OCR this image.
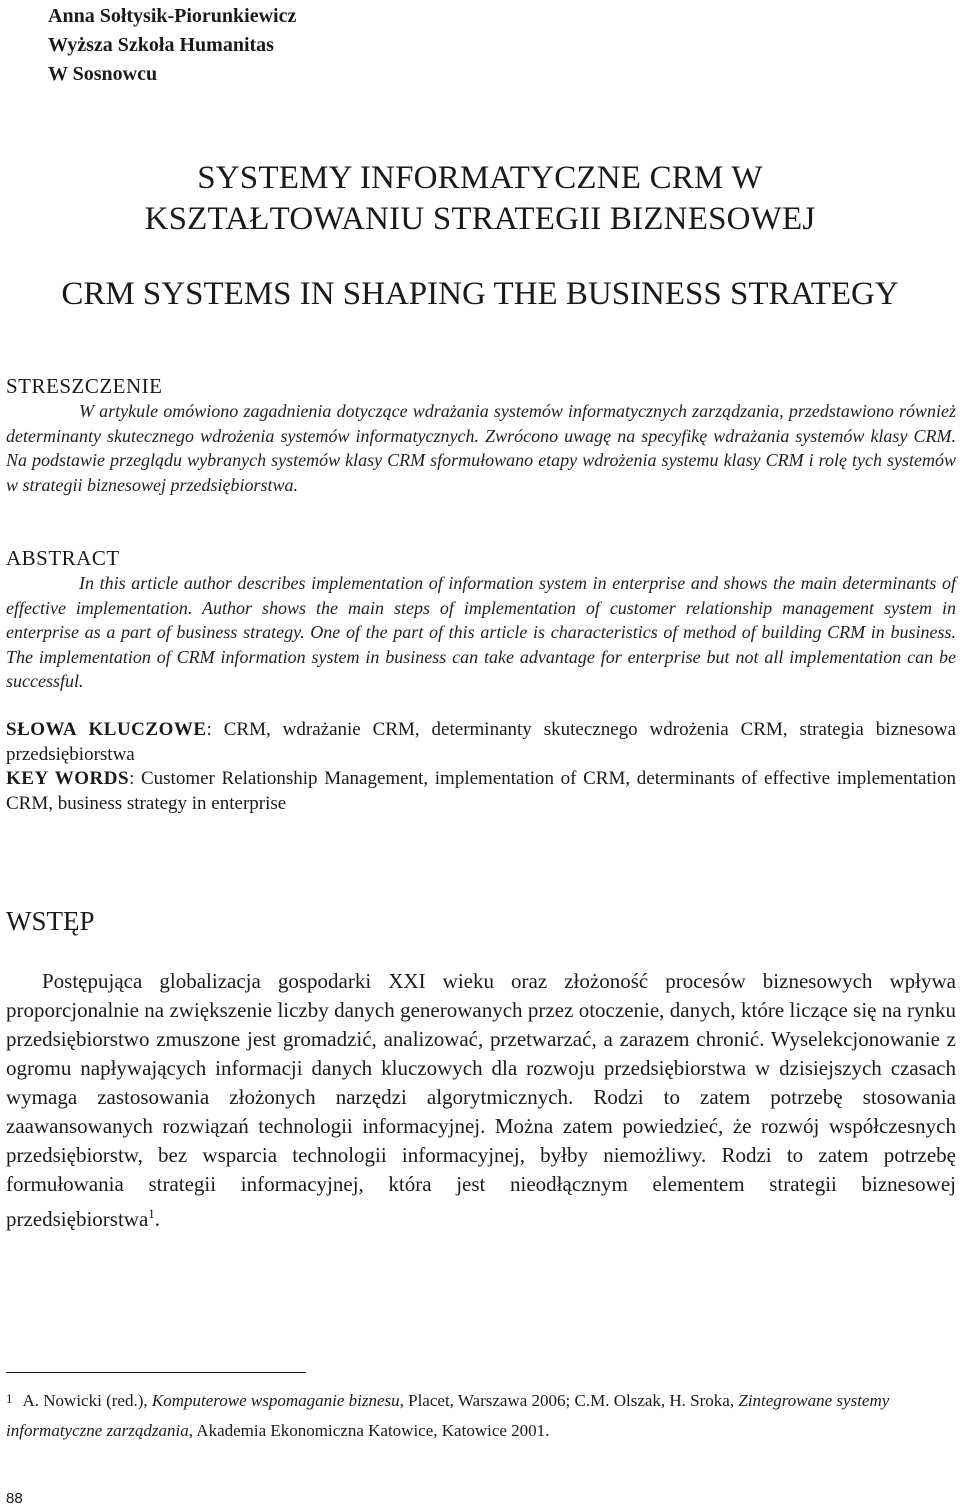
Anna Sołtysik-Piorunkiewicz
Wyższa Szkoła Humanitas
W Sosnowcu
SYSTEMY INFORMATYCZNE CRM W
KSZTAŁTOWANIU STRATEGII BIZNESOWEJ
CRM SYSTEMS IN SHAPING THE BUSINESS STRATEGY
STRESZCZENIE

W artykule omówiono zagadnienia dotyczące wdrażania systemów informatycznych zarządzania, przedstawiono również determinanty skutecznego wdrożenia systemów informatycznych. Zwrócono uwagę na specyfikę wdrażania systemów klasy CRM. Na podstawie przeglądu wybranych systemów klasy CRM sformułowano etapy wdrożenia systemu klasy CRM i rolę tych systemów w strategii biznesowej przedsiębiorstwa.

ABSTRACT

In this article author describes implementation of information system in enterprise and shows the main determinants of effective implementation. Author shows the main steps of implementation of customer relationship management system in enterprise as a part of business strategy. One of the part of this article is characteristics of method of building CRM in business. The implementation of CRM information system in business can take advantage for enterprise but not all implementation can be successful.

SŁOWA KLUCZOWE: CRM, wdrażanie CRM, determinanty skutecznego wdrożenia CRM, strategia biznesowa przedsiębiorstwa

KEY WORDS: Customer Relationship Management, implementation of CRM, determinants of effective implementation CRM, business strategy in enterprise

WSTĘP

Postępująca globalizacja gospodarki XXI wieku oraz złożoność procesów biznesowych wpływa proporcjonalnie na zwiększenie liczby danych generowanych przez otoczenie, danych, które liczące się na rynku przedsiębiorstwo zmuszone jest gromadzić, analizować, przetwarzać, a zarazem chronić. Wyselekcjonowanie z ogromu napływających informacji danych kluczowych dla rozwoju przedsiębiorstwa w dzisiejszych czasach wymaga zastosowania złożonych narzędzi algorytmicznych. Rodzi to zatem potrzebę stosowania zaawansowanych rozwiązań technologii informacyjnej. Można zatem powiedzieć, że rozwój współczesnych przedsiębiorstw, bez wsparcia technologii informacyjnej, byłby niemożliwy. Rodzi to zatem potrzebę formułowania strategii informacyjnej, która jest nieodłącznym elementem strategii biznesowej przedsiębiorstwa$^1$.

$^1$ A. Nowicki (red.), Komputerowe wspomaganie biznesu, Placet, Warszawa 2006; C.M. Olszak, H. Sroka, Zintegrowane systemy informatyczne zarządzania, Akademia Ekonomiczna Katowice, Katowice 2001.

88
